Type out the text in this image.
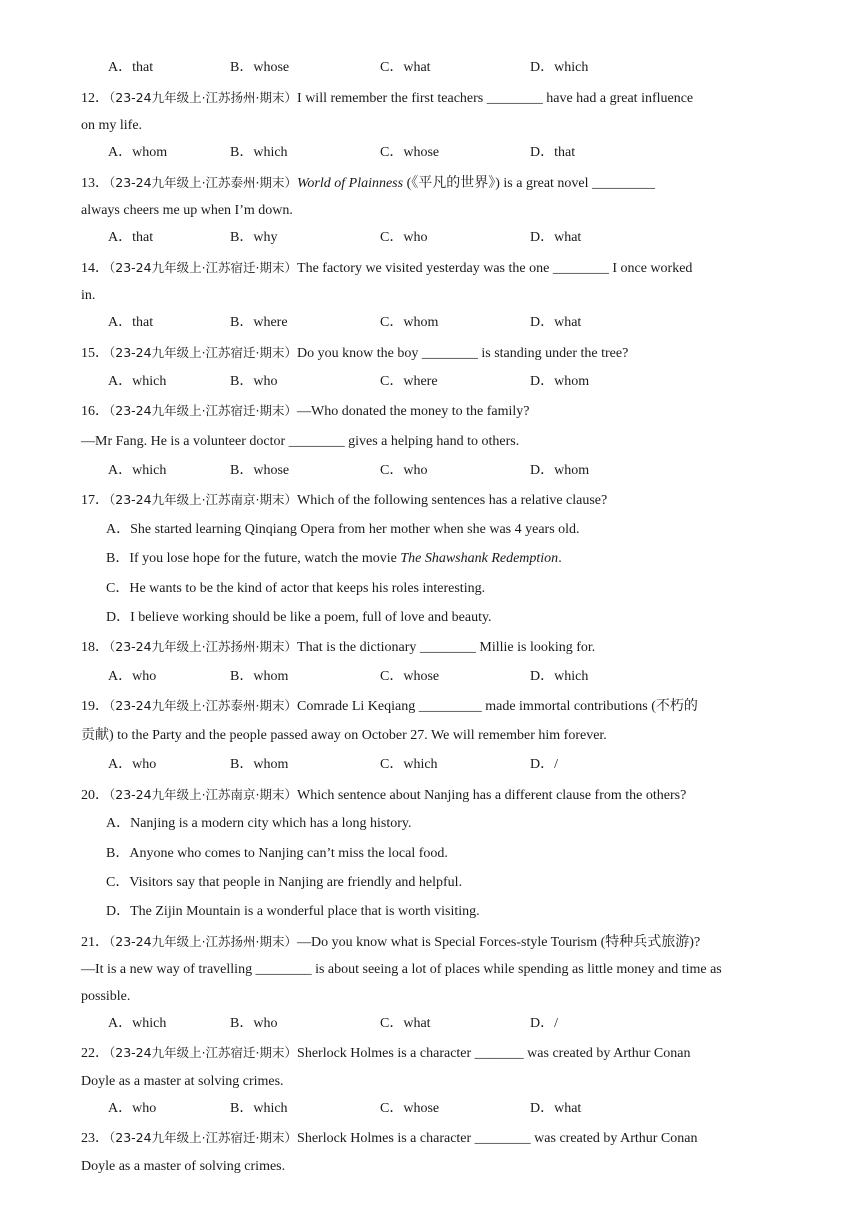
A．that	B．whose	C．what	D．which
12．（23-24九年级上·江苏扬州·期末）I will remember the first teachers ________ have had a great influence
on my life.
A．whom	B．which	C．whose	D．that
13．（23-24九年级上·江苏泰州·期末）World of Plainness (《平凡的世界》) is a great novel _________
always cheers me up when I’m down.
A．that	B．why	C．who	D．what
14．（23-24九年级上·江苏宿迁·期末）The factory we visited yesterday was the one ________ I once worked
in.
A．that	B．where	C．whom	D．what
15．（23-24九年级上·江苏宿迁·期末）Do you know the boy ________ is standing under the tree?
A．which	B．who	C．where	D．whom
16．（23-24九年级上·江苏宿迁·期末）—Who donated the money to the family?
—Mr Fang. He is a volunteer doctor ________ gives a helping hand to others.
A．which	B．whose	C．who	D．whom
17．（23-24九年级上·江苏南京·期末）Which of the following sentences has a relative clause?
A．She started learning Qinqiang Opera from her mother when she was 4 years old.
B．If you lose hope for the future, watch the movie The Shawshank Redemption.
C．He wants to be the kind of actor that keeps his roles interesting.
D．I believe working should be like a poem, full of love and beauty.
18．（23-24九年级上·江苏扬州·期末）That is the dictionary ________ Millie is looking for.
A．who	B．whom	C．whose	D．which
19．（23-24九年级上·江苏泰州·期末）Comrade Li Keqiang _________ made immortal contributions (不朽的
贡献) to the Party and the people passed away on October 27. We will remember him forever.
A．who	B．whom	C．which	D．/
20．（23-24九年级上·江苏南京·期末）Which sentence about Nanjing has a different clause from the others?
A．Nanjing is a modern city which has a long history.
B．Anyone who comes to Nanjing can’t miss the local food.
C．Visitors say that people in Nanjing are friendly and helpful.
D．The Zijin Mountain is a wonderful place that is worth visiting.
21．（23-24九年级上·江苏扬州·期末）—Do you know what is Special Forces-style Tourism (特种兵式旅游)?
—It is a new way of travelling ________ is about seeing a lot of places while spending as little money and time as
possible.
A．which	B．who	C．what	D．/
22．（23-24九年级上·江苏宿迁·期末）Sherlock Holmes is a character _______ was created by Arthur Conan
Doyle as a master at solving crimes.
A．who	B．which	C．whose	D．what
23．（23-24九年级上·江苏宿迁·期末）Sherlock Holmes is a character ________ was created by Arthur Conan
Doyle as a master of solving crimes.
